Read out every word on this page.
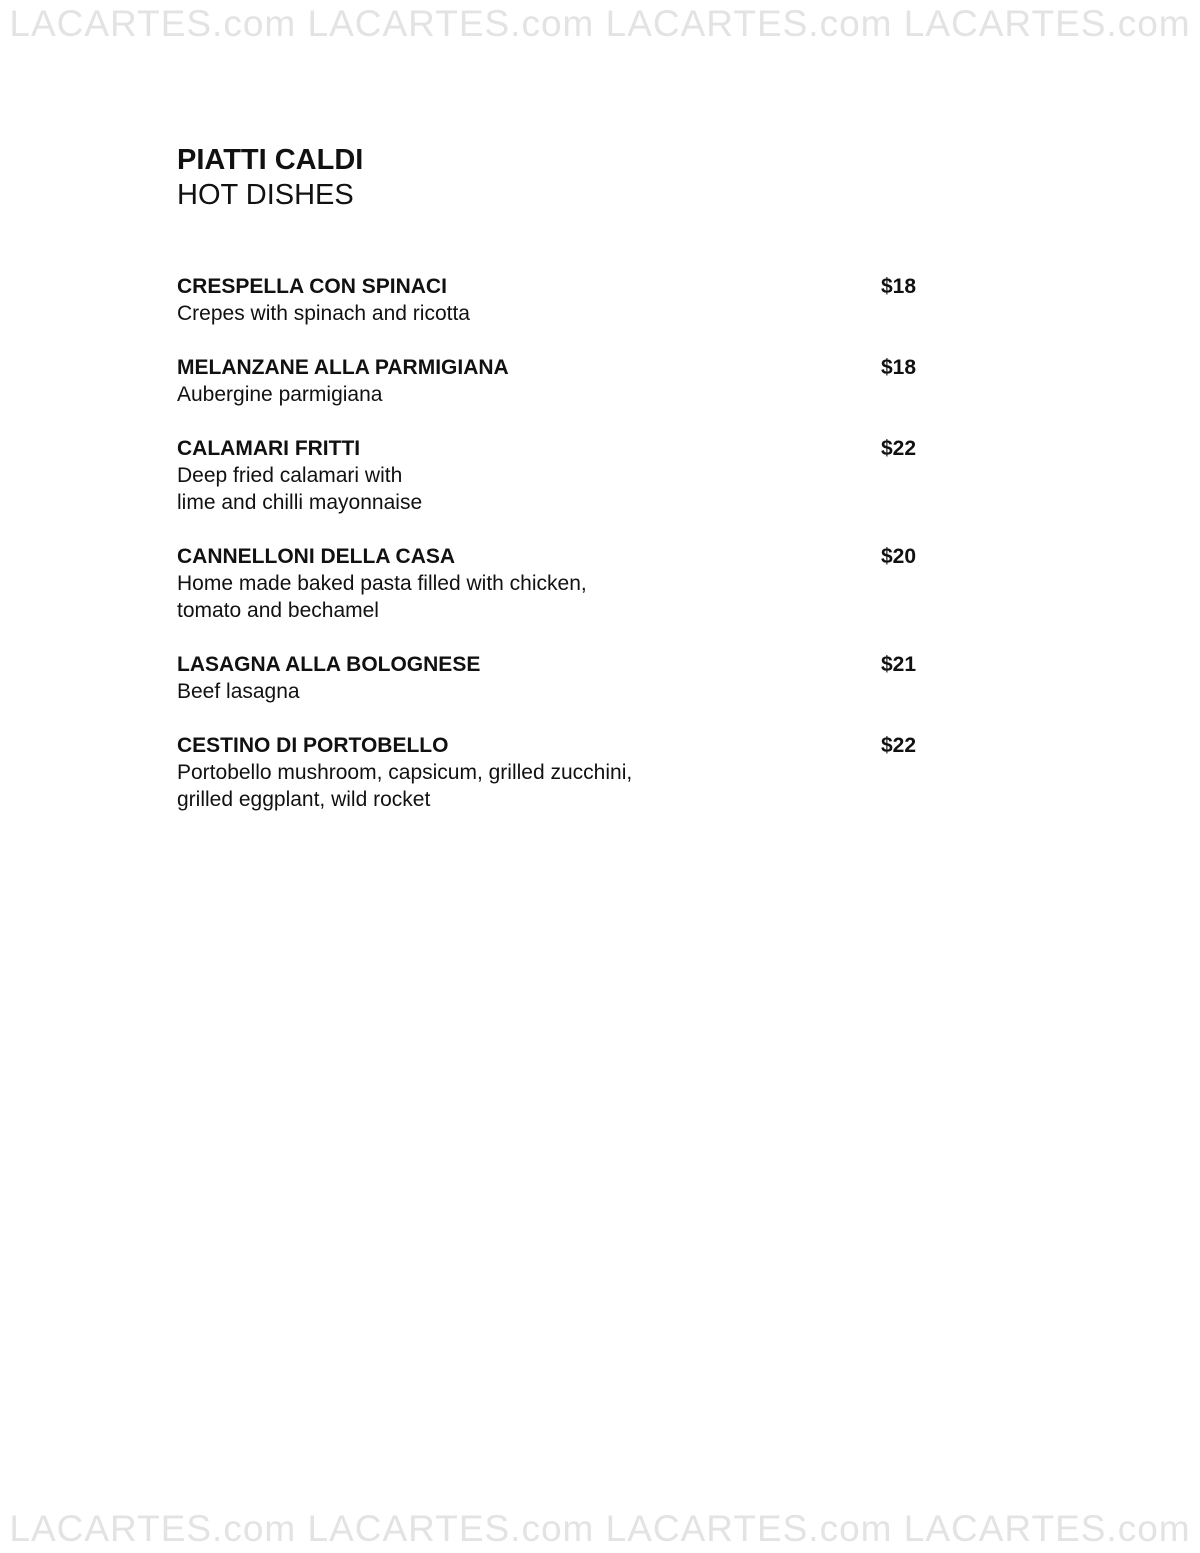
LACARTES.com LACARTES.com LACARTES.com LACARTES.com
PIATTI CALDI
HOT DISHES
CRESPELLA CON SPINACI	$18
Crepes with spinach and ricotta
MELANZANE ALLA PARMIGIANA	$18
Aubergine parmigiana
CALAMARI FRITTI	$22
Deep fried calamari with
lime and chilli mayonnaise
CANNELLONI DELLA CASA	$20
Home made baked pasta filled with chicken,
tomato and bechamel
LASAGNA ALLA BOLOGNESE	$21
Beef lasagna
CESTINO DI PORTOBELLO	$22
Portobello mushroom, capsicum, grilled zucchini,
grilled eggplant, wild rocket
LACARTES.com LACARTES.com LACARTES.com LACARTES.com
